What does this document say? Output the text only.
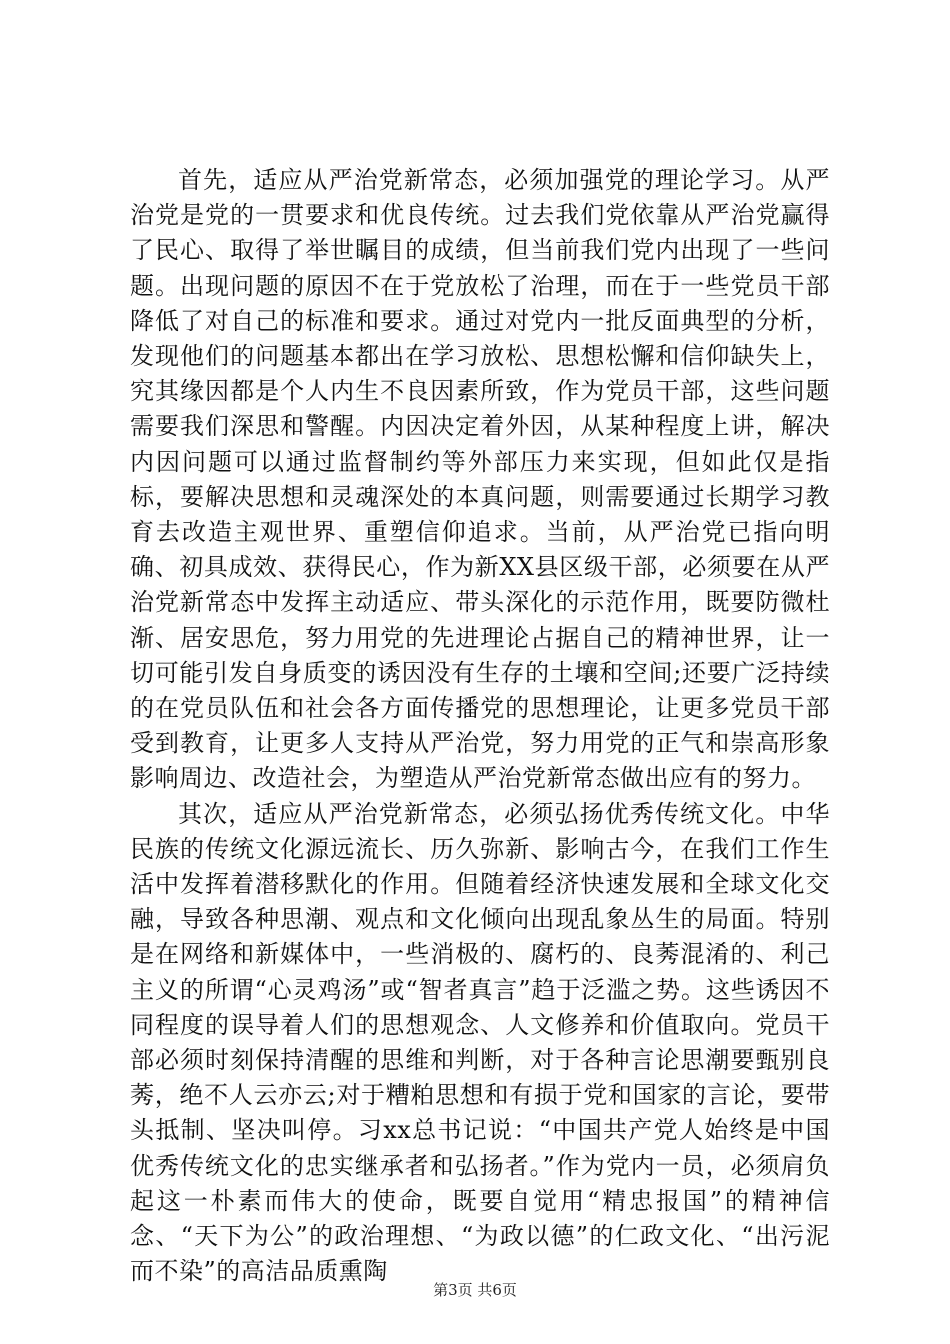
首先，适应从严治党新常态，必须加强党的理论学习。从严治党是党的一贯要求和优良传统。过去我们党依靠从严治党赢得了民心、取得了举世瞩目的成绩，但当前我们党内出现了一些问题。出现问题的原因不在于党放松了治理，而在于一些党员干部降低了对自己的标准和要求。通过对党内一批反面典型的分析，发现他们的问题基本都出在学习放松、思想松懈和信仰缺失上，究其缘因都是个人内生不良因素所致，作为党员干部，这些问题需要我们深思和警醒。内因决定着外因，从某种程度上讲，解决内因问题可以通过监督制约等外部压力来实现，但如此仅是指标，要解决思想和灵魂深处的本真问题，则需要通过长期学习教育去改造主观世界、重塑信仰追求。当前，从严治党已指向明确、初具成效、获得民心，作为新XX县区级干部，必须要在从严治党新常态中发挥主动适应、带头深化的示范作用，既要防微杜渐、居安思危，努力用党的先进理论占据自己的精神世界，让一切可能引发自身质变的诱因没有生存的土壤和空间;还要广泛持续的在党员队伍和社会各方面传播党的思想理论，让更多党员干部受到教育，让更多人支持从严治党，努力用党的正气和崇高形象影响周边、改造社会，为塑造从严治党新常态做出应有的努力。

其次，适应从严治党新常态，必须弘扬优秀传统文化。中华民族的传统文化源远流长、历久弥新、影响古今，在我们工作生活中发挥着潜移默化的作用。但随着经济快速发展和全球文化交融，导致各种思潮、观点和文化倾向出现乱象丛生的局面。特别是在网络和新媒体中，一些消极的、腐朽的、良莠混淆的、利己主义的所谓“心灵鸡汤”或“智者真言”趋于泛滥之势。这些诱因不同程度的误导着人们的思想观念、人文修养和价值取向。党员干部必须时刻保持清醒的思维和判断，对于各种言论思潮要甄别良莠，绝不人云亦云;对于糟粕思想和有损于党和国家的言论，要带头抵制、坚决叫停。习xx总书记说：“中国共产党人始终是中国优秀传统文化的忠实继承者和弘扬者。”作为党内一员，必须肩负起这一朴素而伟大的使命，既要自觉用“精忠报国”的精神信念、“天下为公”的政治理想、“为政以德”的仁政文化、“出污泥而不染”的高洁品质熏陶

第3页 共6页
